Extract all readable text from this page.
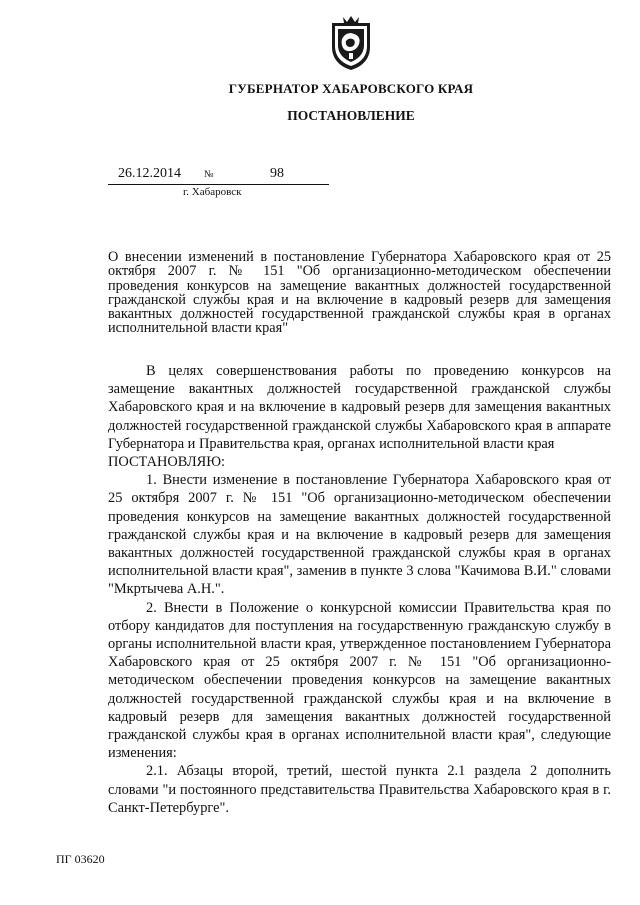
ГУБЕРНАТОР ХАБАРОВСКОГО КРАЯ
ПОСТАНОВЛЕНИЕ
26.12.2014 №	98
г. Хабаровск
О внесении изменений в постановление Губернатора Хабаровского края от 25 октября 2007 г. № 151 "Об организационно-методическом обеспечении проведения конкурсов на замещение вакантных должностей государственной гражданской службы края и на включение в кадровый резерв для замещения вакантных должностей государственной гражданской службы края в органах исполнительной власти края"

В целях совершенствования работы по проведению конкурсов на замещение вакантных должностей государственной гражданской службы Хабаровского края и на включение в кадровый резерв для замещения вакантных должностей государственной гражданской службы Хабаровского края в аппарате Губернатора и Правительства края, органах исполнительной власти края

ПОСТАНОВЛЯЮ:

1. Внести изменение в постановление Губернатора Хабаровского края от 25 октября 2007 г. № 151 "Об организационно-методическом обеспечении проведения конкурсов на замещение вакантных должностей государственной гражданской службы края и на включение в кадровый резерв для замещения вакантных должностей государственной гражданской службы края в органах исполнительной власти края", заменив в пункте 3 слова "Качимова В.И." словами "Мкртычева А.Н.".

2. Внести в Положение о конкурсной комиссии Правительства края по отбору кандидатов для поступления на государственную гражданскую службу в органы исполнительной власти края, утвержденное постановлением Губернатора Хабаровского края от 25 октября 2007 г. № 151 "Об организационно-методическом обеспечении проведения конкурсов на замещение вакантных должностей государственной гражданской службы края и на включение в кадровый резерв для замещения вакантных должностей государственной гражданской службы края в органах исполнительной власти края", следующие изменения:

2.1. Абзацы второй, третий, шестой пункта 2.1 раздела 2 дополнить словами "и постоянного представительства Правительства Хабаровского края в г. Санкт-Петербурге".

ПГ 03620
